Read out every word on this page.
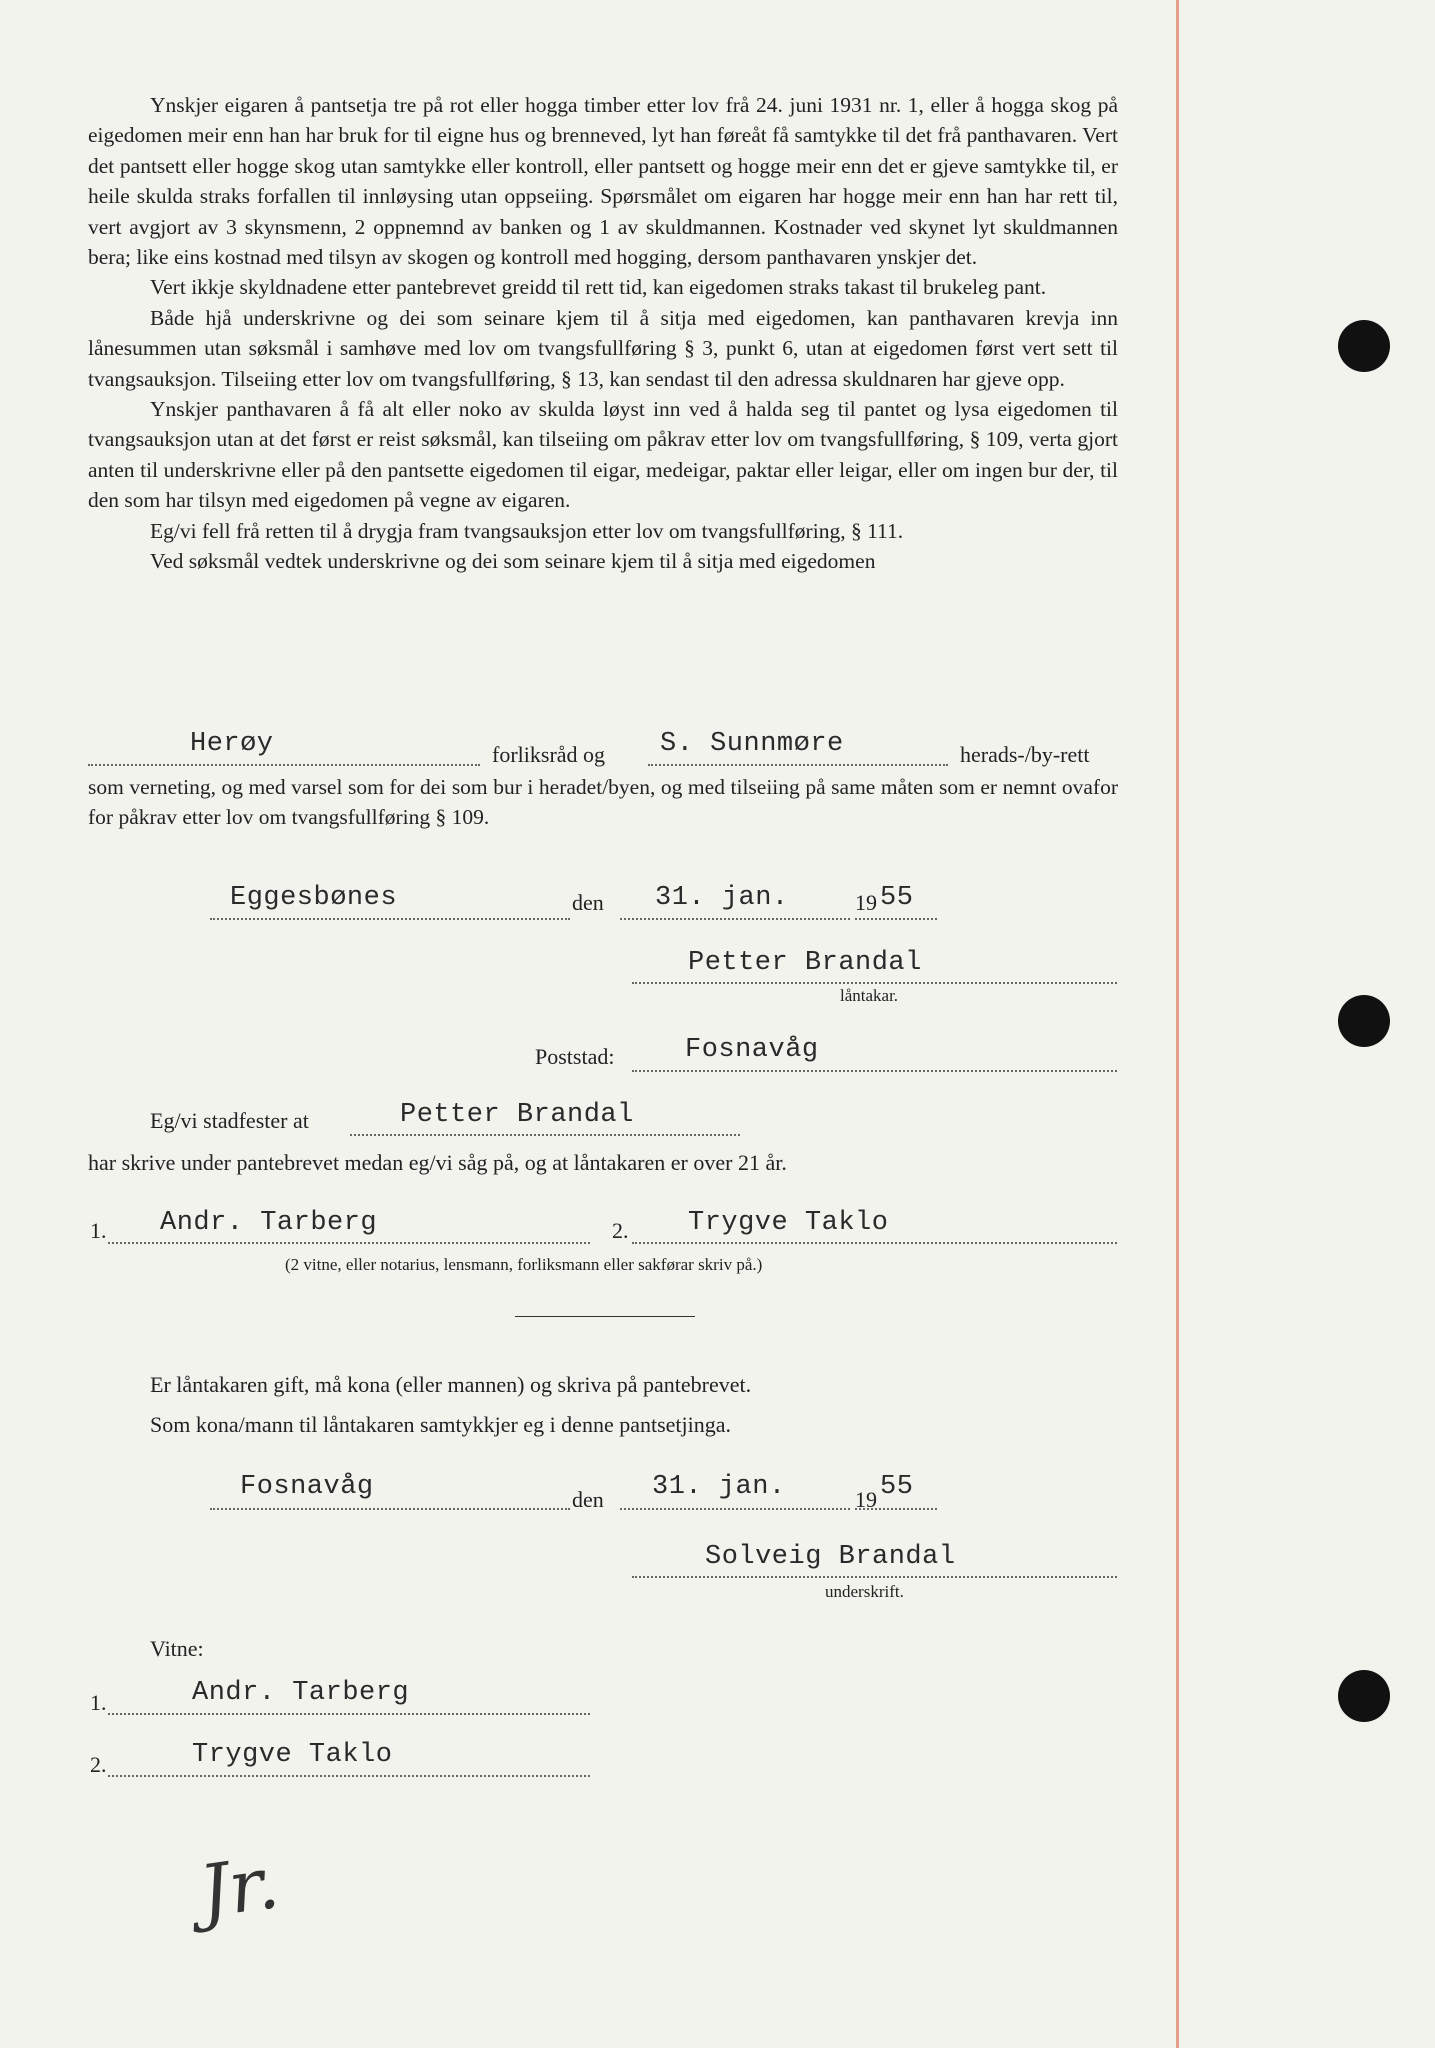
Ynskjer eigaren å pantsetja tre på rot eller hogga timber etter lov frå 24. juni 1931 nr. 1, eller å hogga skog på eigedomen meir enn han har bruk for til eigne hus og brenneved, lyt han føreåt få samtykke til det frå panthavaren. Vert det pantsett eller hogge skog utan samtykke eller kontroll, eller pantsett og hogge meir enn det er gjeve samtykke til, er heile skulda straks forfallen til innløysing utan oppseiing. Spørsmålet om eigaren har hogge meir enn han har rett til, vert avgjort av 3 skynsmenn, 2 oppnemnd av banken og 1 av skuldmannen. Kostnader ved skynet lyt skuldmannen bera; like eins kostnad med tilsyn av skogen og kontroll med hogging, dersom panthavaren ynskjer det.

Vert ikkje skyldnadene etter pantebrevet greidd til rett tid, kan eigedomen straks takast til brukeleg pant.

Både hjå underskrivne og dei som seinare kjem til å sitja med eigedomen, kan panthavaren krevja inn lånesummen utan søksmål i samhøve med lov om tvangsfullføring § 3, punkt 6, utan at eigedomen først vert sett til tvangsauksjon. Tilseiing etter lov om tvangsfullføring, § 13, kan sendast til den adressa skuldnaren har gjeve opp.

Ynskjer panthavaren å få alt eller noko av skulda løyst inn ved å halda seg til pantet og lysa eigedomen til tvangsauksjon utan at det først er reist søksmål, kan tilseiing om påkrav etter lov om tvangsfullføring, § 109, verta gjort anten til underskrivne eller på den pantsette eigedomen til eigar, medeigar, paktar eller leigar, eller om ingen bur der, til den som har tilsyn med eigedomen på vegne av eigaren.

Eg/vi fell frå retten til å drygja fram tvangsauksjon etter lov om tvangsfullføring, § 111.

Ved søksmål vedtek underskrivne og dei som seinare kjem til å sitja med eigedomen

Herøy	forliksråd og S. Sunnmøre	herads-/by-rett
som verneting, og med varsel som for dei som bur i heradet/byen, og med tilseiing på same måten som er nemnt ovafor for påkrav etter lov om tvangsfullføring § 109.
Eggesbønes	den 31. jan.	19 55
Petter Brandal
låntakar.
Poststad:	Fosnavåg
Eg/vi stadfester at	Petter Brandal
har skrive under pantebrevet medan eg/vi såg på, og at låntakaren er over 21 år.
1. Andr. Tarberg	2. Trygve Taklo
(2 vitne, eller notarius, lensmann, forliksmann eller sakførar skriv på.)
Er låntakaren gift, må kona (eller mannen) og skriva på pantebrevet.
Som kona/mann til låntakaren samtykkjer eg i denne pantsetjinga.
Fosnavåg	den 31. jan.	19 55
Solveig Brandal
underskrift.
Vitne:
1.	Andr. Tarberg
2.	Trygve Taklo
Jr.
